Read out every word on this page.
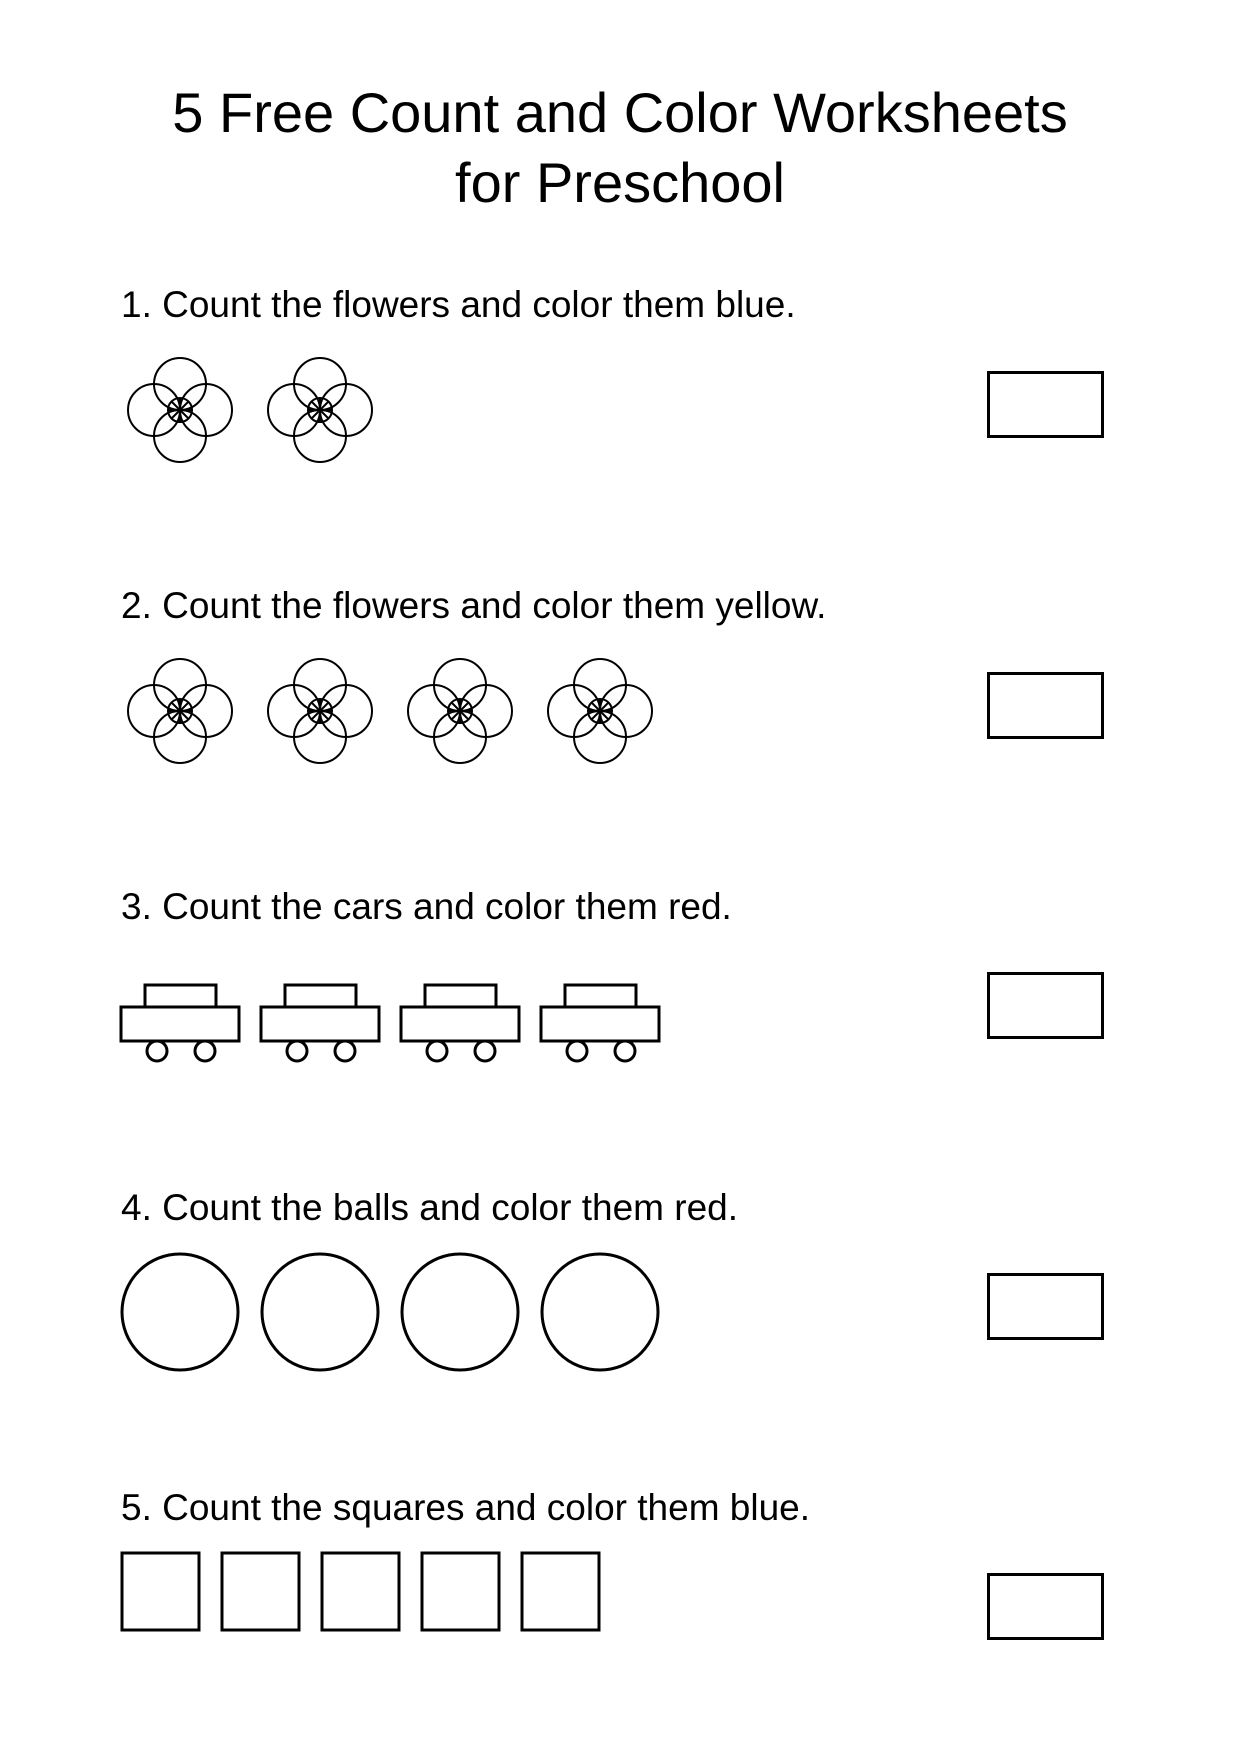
5 Free Count and Color Worksheets
for Preschool

1. Count the flowers and color them blue.

2. Count the flowers and color them yellow.

3. Count the cars and color them red.

4. Count the balls and color them red.

5. Count the squares and color them blue.
